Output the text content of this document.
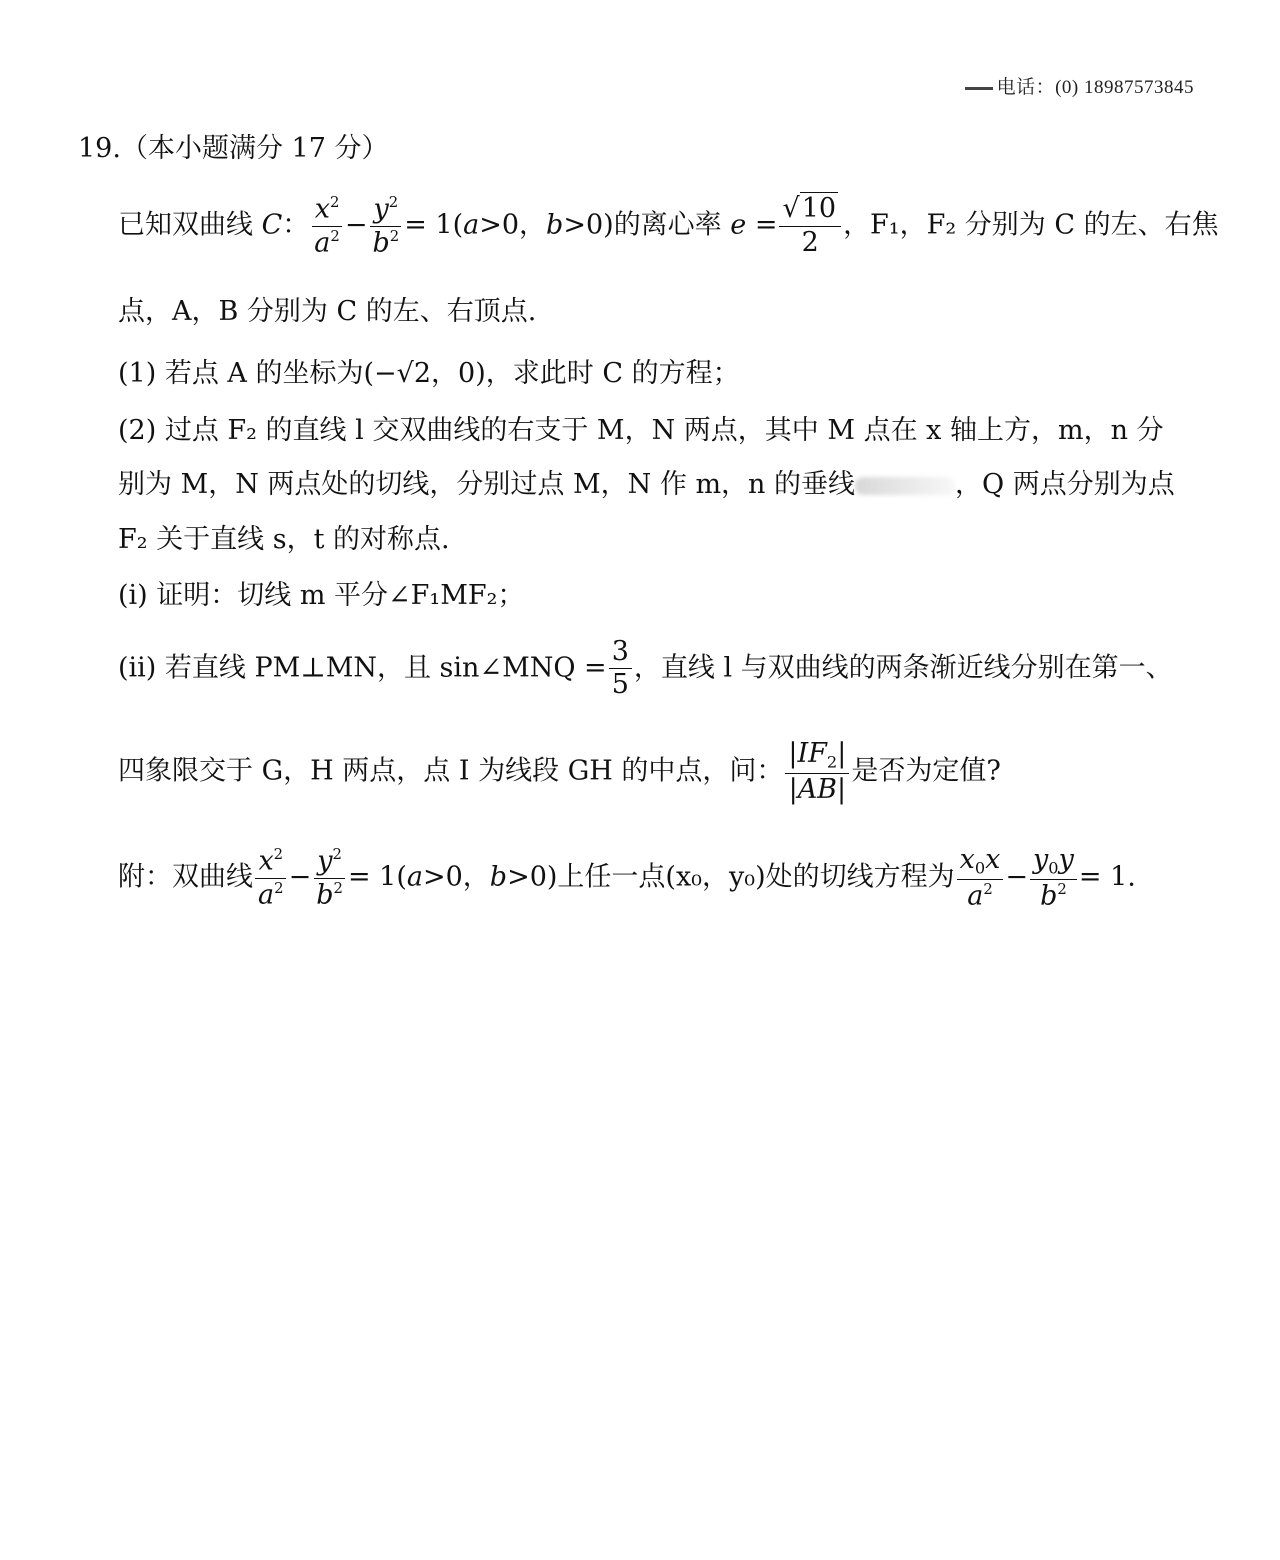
电话：(0) 18987573845
19.（本小题满分 17 分）
已知双曲线 C： $\frac{x^2}{a^2} - \frac{y^2}{b^2} = 1(a>0$，b>0)的离心率 $e = \frac{√10}{2}$ ，F₁，F₂ 分别为 C 的左、右焦
点，A，B 分别为 C 的左、右顶点.
(1) 若点 A 的坐标为(−√2，0)，求此时 C 的方程；
(2) 过点 F₂ 的直线 l 交双曲线的右支于 M，N 两点，其中 M 点在 x 轴上方，m，n 分
别为 M，N 两点处的切线，分别过点 M，N 作 m，n 的垂线	，Q 两点分别为点
F₂ 关于直线 s，t 的对称点.
(i) 证明：切线 m 平分∠F₁MF₂；
(ii) 若直线 PM⊥MN，且 sin∠MNQ = $\frac{3}{5}$ ，直线 l 与双曲线的两条渐近线分别在第一、
四象限交于 G，H 两点，点 I 为线段 GH 的中点，问： $\frac{|IF_2|}{|AB|}$ 是否为定值?
附：双曲线 $\frac{x^2}{a^2} - \frac{y^2}{b^2} = 1(a>0$，b>0)上任一点(x₀，y₀)处的切线方程为 $\frac{x_0x}{a^2} - \frac{y_0y}{b^2} = 1$.
